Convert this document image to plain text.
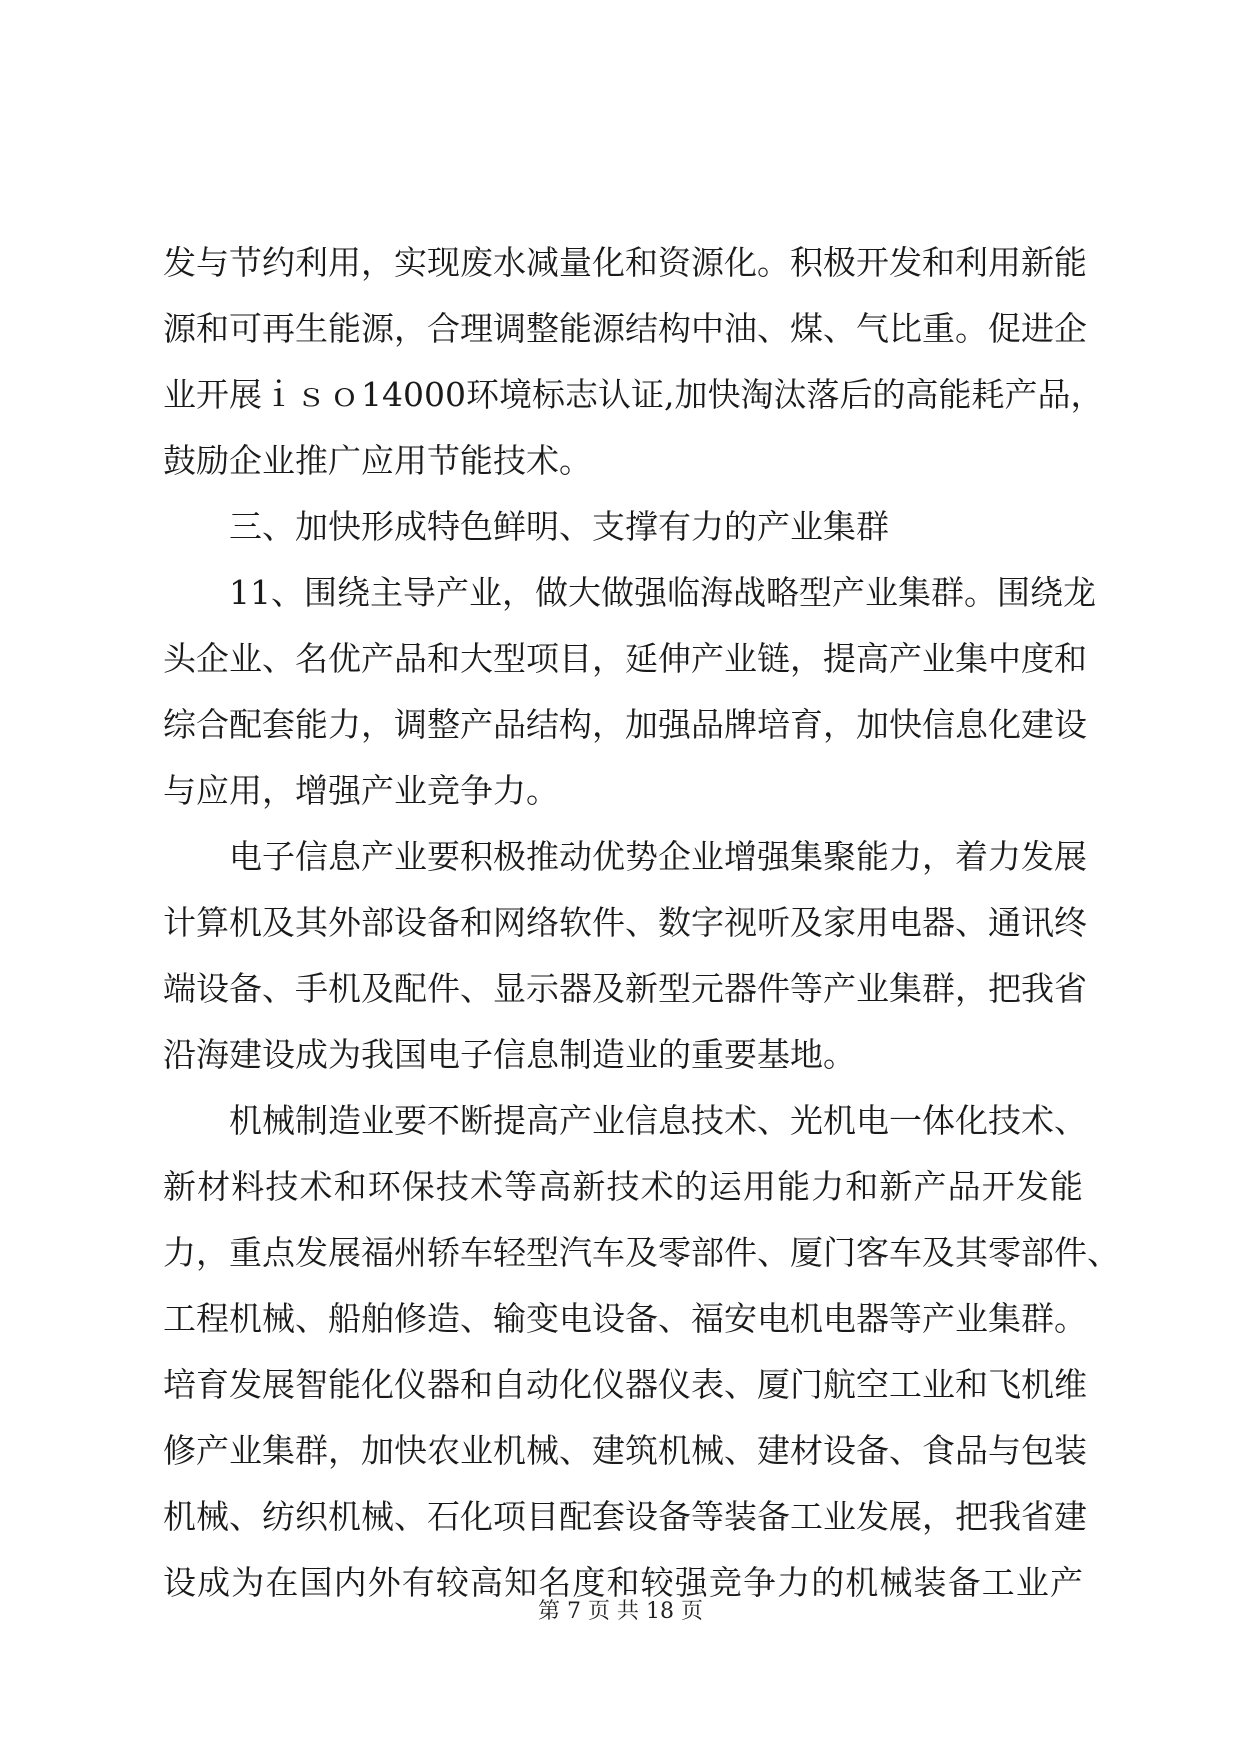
发与节约利用，实现废水减量化和资源化。积极开发和利用新能
源和可再生能源，合理调整能源结构中油、煤、气比重。促进企
业开展ｉｓｏ14000环境标志认证,加快淘汰落后的高能耗产品，
鼓励企业推广应用节能技术。
三、加快形成特色鲜明、支撑有力的产业集群
11、围绕主导产业，做大做强临海战略型产业集群。围绕龙
头企业、名优产品和大型项目，延伸产业链，提高产业集中度和
综合配套能力，调整产品结构，加强品牌培育，加快信息化建设
与应用，增强产业竞争力。
电子信息产业要积极推动优势企业增强集聚能力，着力发展
计算机及其外部设备和网络软件、数字视听及家用电器、通讯终
端设备、手机及配件、显示器及新型元器件等产业集群，把我省
沿海建设成为我国电子信息制造业的重要基地。
机械制造业要不断提高产业信息技术、光机电一体化技术、
新材料技术和环保技术等高新技术的运用能力和新产品开发能
力，重点发展福州轿车轻型汽车及零部件、厦门客车及其零部件、
工程机械、船舶修造、输变电设备、福安电机电器等产业集群。
培育发展智能化仪器和自动化仪器仪表、厦门航空工业和飞机维
修产业集群，加快农业机械、建筑机械、建材设备、食品与包装
机械、纺织机械、石化项目配套设备等装备工业发展，把我省建
设成为在国内外有较高知名度和较强竞争力的机械装备工业产
第 7 页 共 18 页
